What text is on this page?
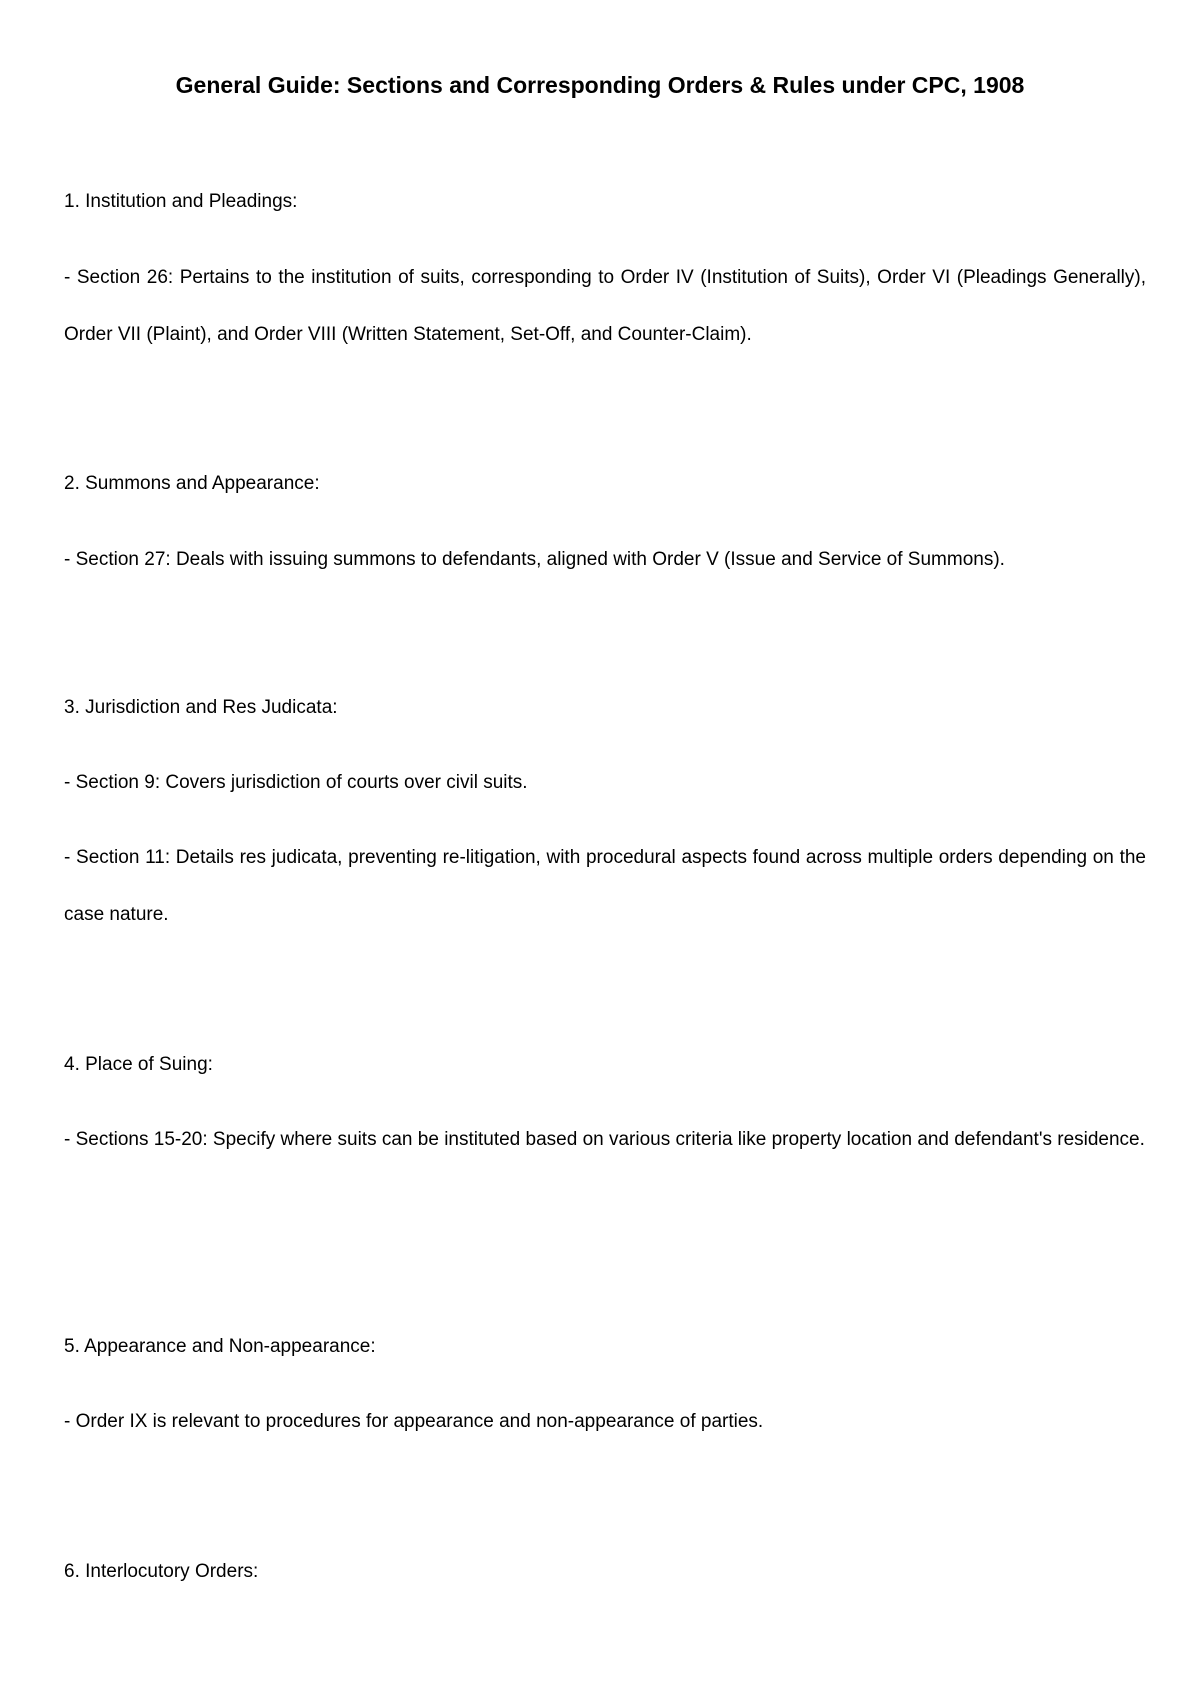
General Guide: Sections and Corresponding Orders & Rules under CPC, 1908

1. Institution and Pleadings:

- Section 26: Pertains to the institution of suits, corresponding to Order IV (Institution of Suits), Order VI (Pleadings Generally), Order VII (Plaint), and Order VIII (Written Statement, Set-Off, and Counter-Claim).

2. Summons and Appearance:

- Section 27: Deals with issuing summons to defendants, aligned with Order V (Issue and Service of Summons).

3. Jurisdiction and Res Judicata:

- Section 9: Covers jurisdiction of courts over civil suits.

- Section 11: Details res judicata, preventing re-litigation, with procedural aspects found across multiple orders depending on the case nature.

4. Place of Suing:

- Sections 15-20: Specify where suits can be instituted based on various criteria like property location and defendant's residence.

5. Appearance and Non-appearance:

- Order IX is relevant to procedures for appearance and non-appearance of parties.

6. Interlocutory Orders:
